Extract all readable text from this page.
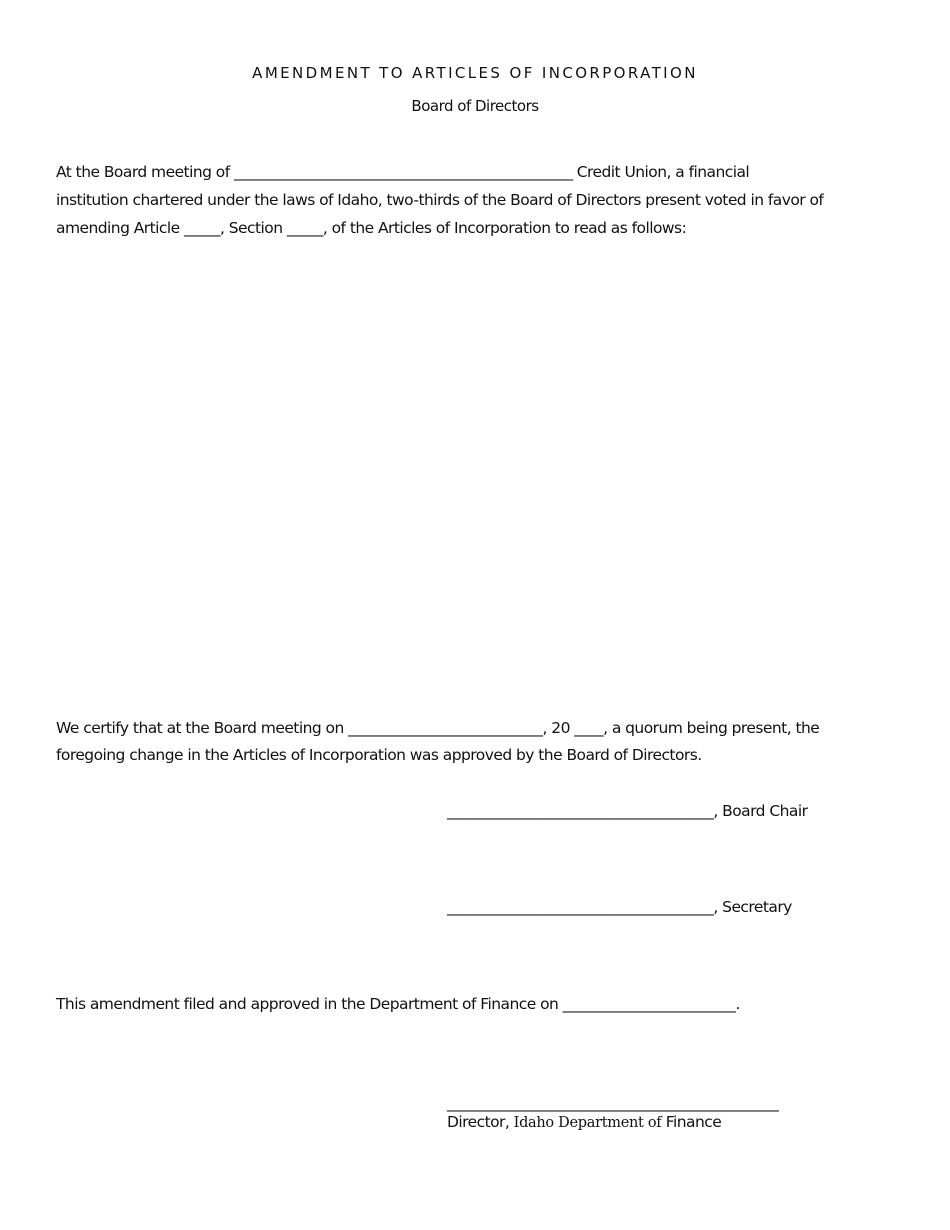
AMENDMENT TO ARTICLES OF INCORPORATION
Board of Directors
At the Board meeting of _______________________________________________ Credit Union, a financial
institution chartered under the laws of Idaho, two-thirds of the Board of Directors present voted in favor of
amending Article _____, Section _____, of the Articles of Incorporation to read as follows:
We certify that at the Board meeting on ___________________________, 20 ____, a quorum being present, the
foregoing change in the Articles of Incorporation was approved by the Board of Directors.
_____________________________________, Board Chair
_____________________________________, Secretary
This amendment filed and approved in the Department of Finance on ________________________.
______________________________________________
Director, Idaho Department of Finance
